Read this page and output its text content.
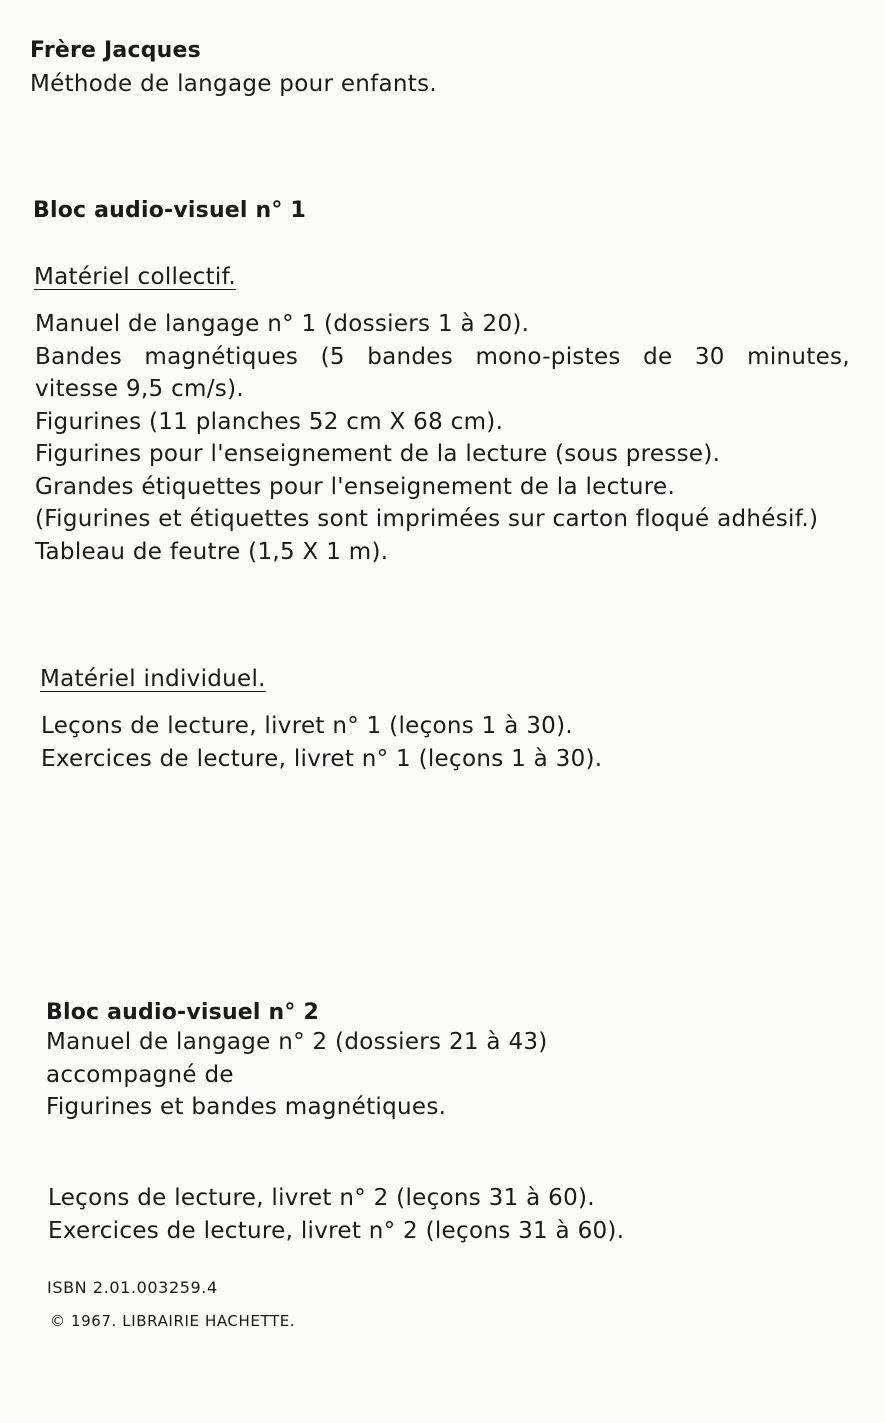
Frère Jacques
Méthode de langage pour enfants.
Bloc audio-visuel n° 1
Matériel collectif.
Manuel de langage n° 1 (dossiers 1 à 20).
Bandes magnétiques (5 bandes mono-pistes de 30 minutes,
vitesse 9,5 cm/s).
Figurines (11 planches 52 cm X 68 cm).
Figurines pour l'enseignement de la lecture (sous presse).
Grandes étiquettes pour l'enseignement de la lecture.
(Figurines et étiquettes sont imprimées sur carton floqué adhésif.)
Tableau de feutre (1,5 X 1 m).
Matériel individuel.
Leçons de lecture, livret n° 1 (leçons 1 à 30).
Exercices de lecture, livret n° 1 (leçons 1 à 30).
Bloc audio-visuel n° 2
Manuel de langage n° 2 (dossiers 21 à 43)
accompagné de
Figurines et bandes magnétiques.
Leçons de lecture, livret n° 2 (leçons 31 à 60).
Exercices de lecture, livret n° 2 (leçons 31 à 60).
ISBN 2.01.003259.4
© 1967. LIBRAIRIE HACHETTE.
